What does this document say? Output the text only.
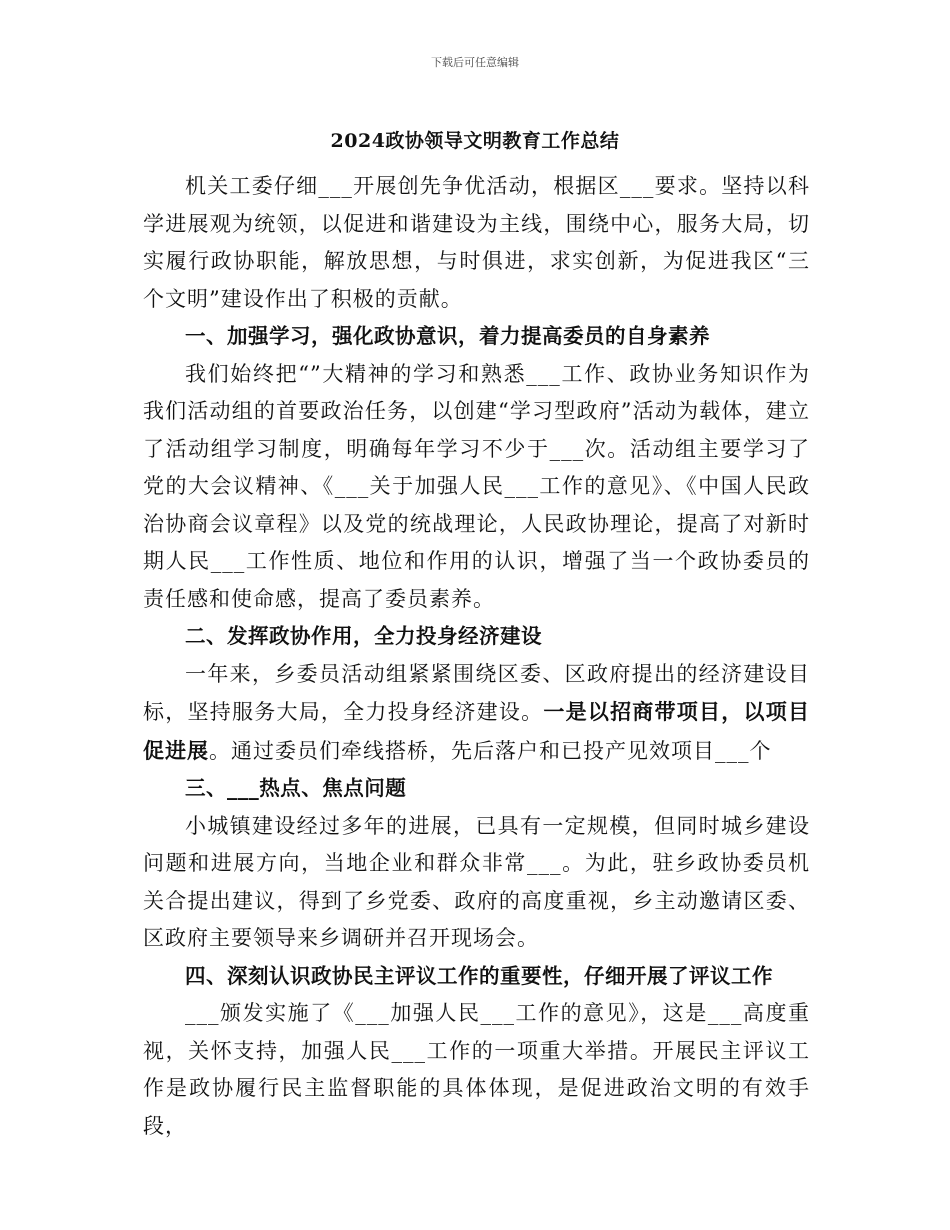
下载后可任意编辑
2024政协领导文明教育工作总结

机关工委仔细___开展创先争优活动，根据区___要求。坚持以科学进展观为统领，以促进和谐建设为主线，围绕中心，服务大局，切实履行政协职能，解放思想，与时俱进，求实创新，为促进我区“三个文明”建设作出了积极的贡献。

一、加强学习，强化政协意识，着力提高委员的自身素养

我们始终把“”大精神的学习和熟悉___工作、政协业务知识作为我们活动组的首要政治任务，以创建“学习型政府”活动为载体，建立了活动组学习制度，明确每年学习不少于___次。活动组主要学习了党的大会议精神、《___关于加强人民___工作的意见》、《中国人民政治协商会议章程》以及党的统战理论，人民政协理论，提高了对新时期人民___工作性质、地位和作用的认识，增强了当一个政协委员的责任感和使命感，提高了委员素养。

二、发挥政协作用，全力投身经济建设

一年来，乡委员活动组紧紧围绕区委、区政府提出的经济建设目标，坚持服务大局，全力投身经济建设。一是以招商带项目，以项目促进展。通过委员们牵线搭桥，先后落户和已投产见效项目___个

三、___热点、焦点问题

小城镇建设经过多年的进展，已具有一定规模，但同时城乡建设问题和进展方向，当地企业和群众非常___。为此，驻乡政协委员机关合提出建议，得到了乡党委、政府的高度重视，乡主动邀请区委、区政府主要领导来乡调研并召开现场会。

四、深刻认识政协民主评议工作的重要性，仔细开展了评议工作

___颁发实施了《___加强人民___工作的意见》，这是___高度重视，关怀支持，加强人民___工作的一项重大举措。开展民主评议工作是政协履行民主监督职能的具体体现，是促进政治文明的有效手段，
